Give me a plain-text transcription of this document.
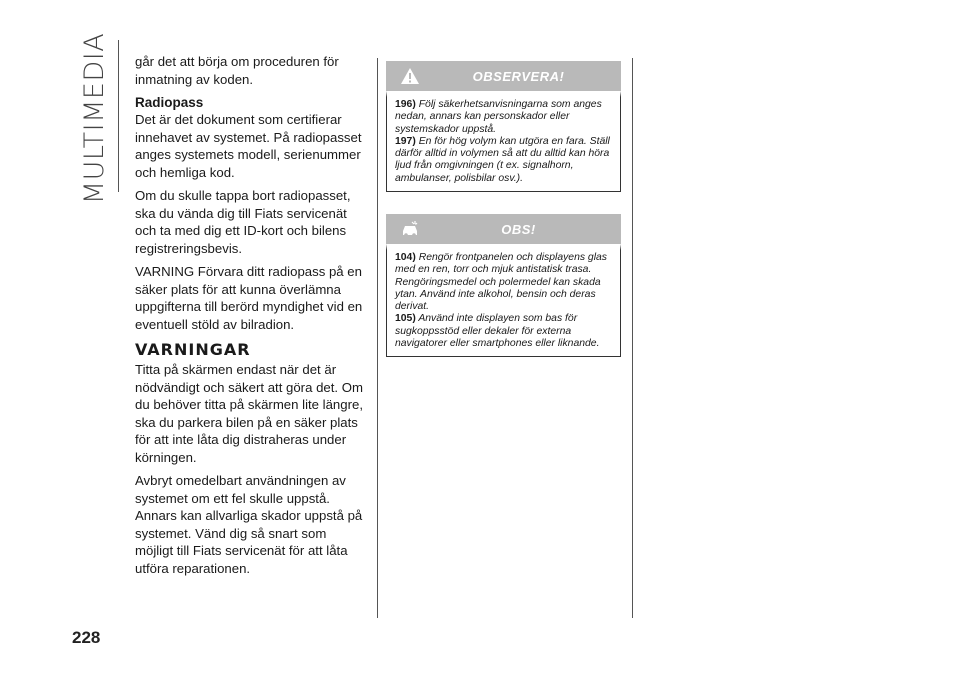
MULTIMEDIA går det att börja om proceduren för inmatning av koden.

Radiopass

Det är det dokument som certifierar innehavet av systemet. På radiopasset anges systemets modell, serienummer och hemliga kod.

Om du skulle tappa bort radiopasset, ska du vända dig till Fiats servicenät och ta med dig ett ID-kort och bilens registreringsbevis.

VARNING Förvara ditt radiopass på en säker plats för att kunna överlämna uppgifterna till berörd myndighet vid en eventuell stöld av bilradion.

VARNINGAR

Titta på skärmen endast när det är nödvändigt och säkert att göra det. Om du behöver titta på skärmen lite längre, ska du parkera bilen på en säker plats för att inte låta dig distraheras under körningen.

Avbryt omedelbart användningen av systemet om ett fel skulle uppstå. Annars kan allvarliga skador uppstå på systemet. Vänd dig så snart som möjligt till Fiats servicenät för att låta utföra reparationen.

OBSERVERA!

196) Följ säkerhetsanvisningarna som anges nedan, annars kan personskador eller systemskador uppstå.

197) En för hög volym kan utgöra en fara. Ställ därför alltid in volymen så att du alltid kan höra ljud från omgivningen (t ex. signalhorn, ambulanser, polisbilar osv.).

OBS!

104) Rengör frontpanelen och displayens glas med en ren, torr och mjuk antistatisk trasa. Rengöringsmedel och polermedel kan skada ytan. Använd inte alkohol, bensin och deras derivat.

105) Använd inte displayen som bas för sugkoppsstöd eller dekaler för externa navigatorer eller smartphones eller liknande.

228
